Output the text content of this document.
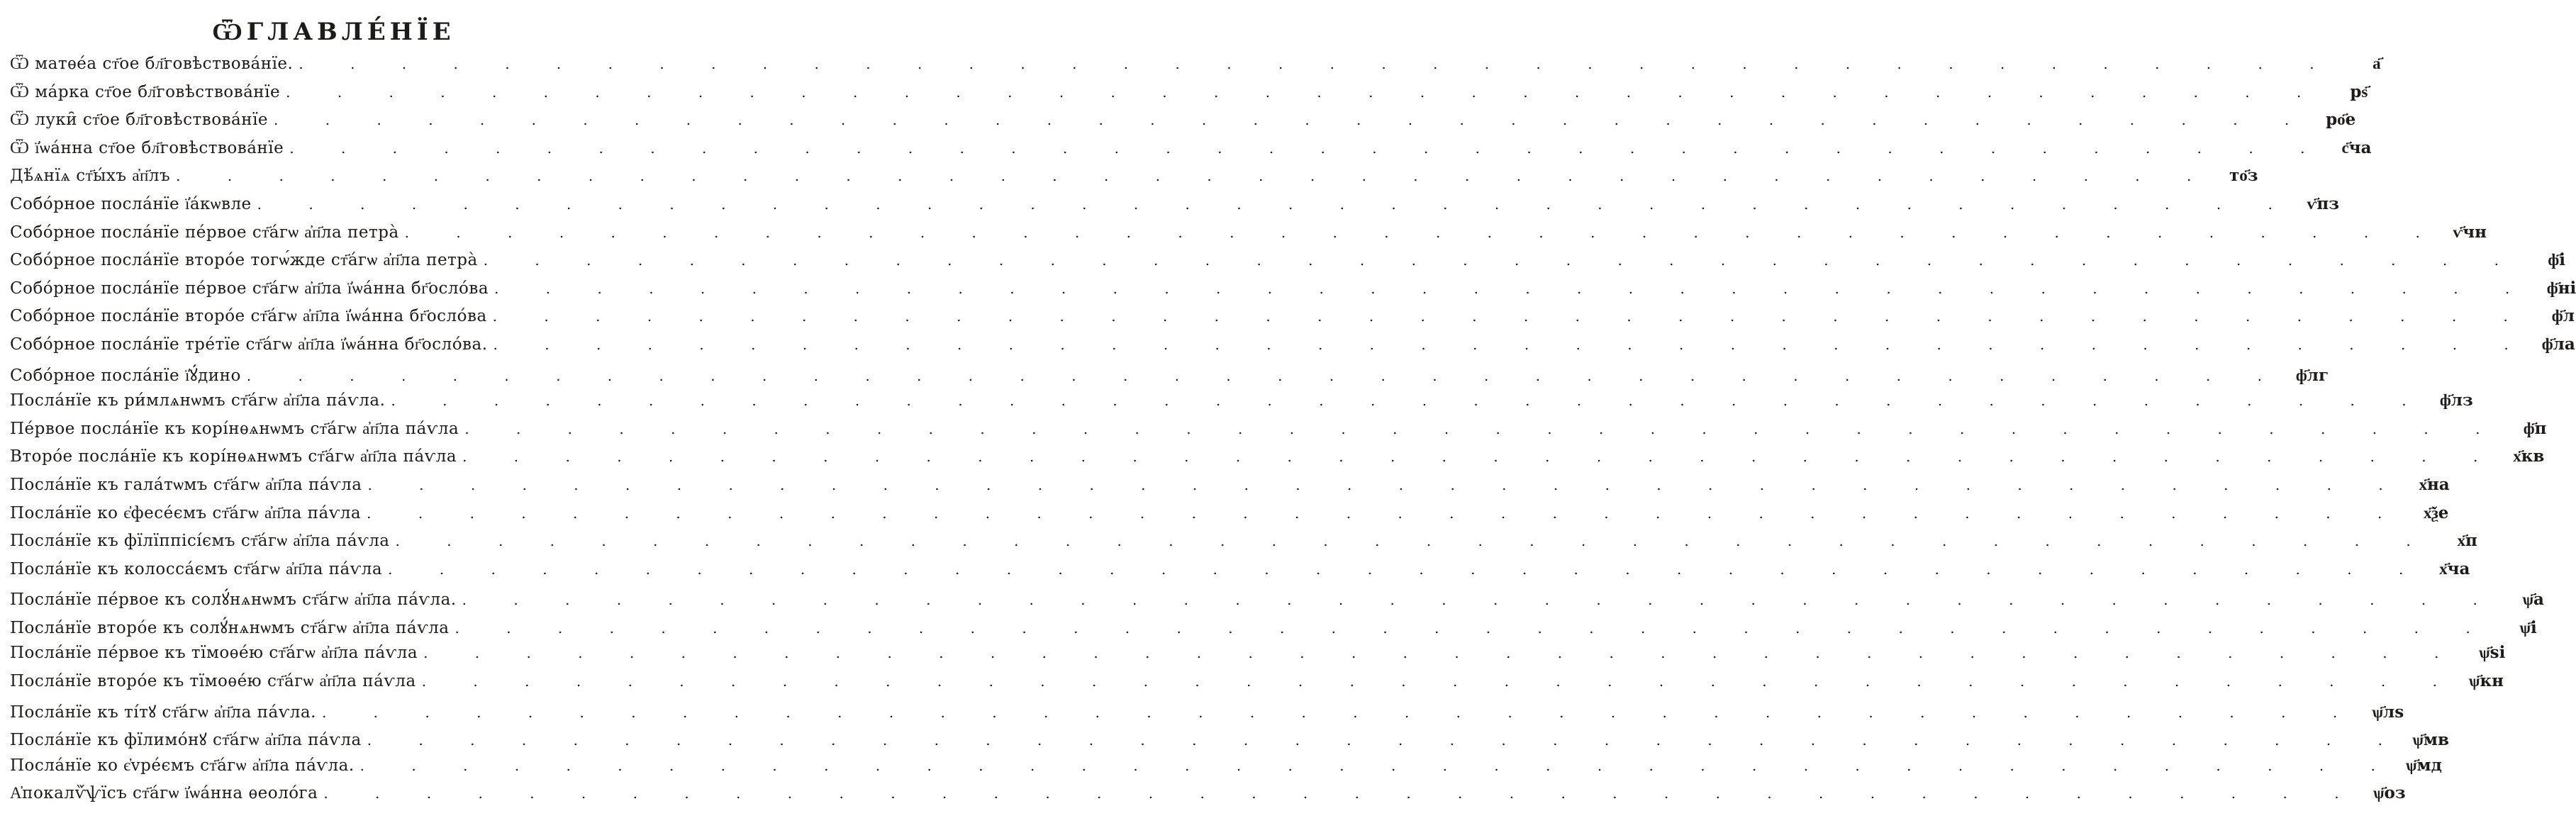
ѾГЛАВЛЕ́НЇЕ
Ѿ матѳе́а ст҃ое бл҃говѣствова́нїе. . . . . . . . . . . . . . . . . . . . . . . . . . . . . . . . . . . . . . . . .	а҃
Ѿ ма́рка ст҃ое бл҃говѣствова́нїе . . . . . . . . . . . . . . . . . . . . . . . . . . . . . . . . . . . . . . . .	рѕ҃
Ѿ луки̑ ст҃ое бл҃говѣствова́нїе . . . . . . . . . . . . . . . . . . . . . . . . . . . . . . . . . . . . . . . . ро҃е
Ѿ ї҆ѡа́нна ст҃ое бл҃говѣствова́нїе . . . . . . . . . . . . . . . . . . . . . . . . . . . . . . . . . . . . . . . . с҃ча
Дѣ́ѧнїѧ ст҃ы́хъ а҆п҃лъ . . . . . . . . . . . . . . . . . . . . . . . . . . . . . . . . . . . . . . . .	то҃з
Собо́рное посла́нїе ї҆а́кѡвле . . . . . . . . . . . . . . . . . . . . . . . . . . . . . . . . . . . . . . . . ѵ҃пз
Собо́рное посла́нїе пе́рвое ст҃а́гѡ а҆п҃ла петра̀ . . . . . . . . . . . . . . . . . . . . . . . . . . . . . . . . . . . . . . . . ѵ҃чн
Собо́рное посла́нїе второ́е тогѡ́жде ст҃а́гѡ а҆п҃ла петра̀ . . . . . . . . . . . . . . . . . . . . . . . . . . . . . . . . . . . . . . . .	ф҃і
Собо́рное посла́нїе пе́рвое ст҃а́гѡ а҆п҃ла ї҆ѡа́нна бг҃осло́ва . . . . . . . . . . . . . . . . . . . . . . . . . . . . . . . . . . . . . . . . ф҃ні
Собо́рное посла́нїе второ́е ст҃а́гѡ а҆п҃ла ї҆ѡа́нна бг҃осло́ва . . . . . . . . . . . . . . . . . . . . . . . . . . . . . . . . . . . . . . . .	ф҃л
Собо́рное посла́нїе тре́тїе ст҃а́гѡ а҆п҃ла ї҆ѡа́нна бг҃осло́ва. . . . . . . . . . . . . . . . . . . . . . . . . . . . . . . . . . . . . . . . . ф҃ла
Собо́рное посла́нїе ї҆ꙋ́дино . . . . . . . . . . . . . . . . . . . . . . . . . . . . . . . . . . . . . . . . ф҃лг
Посла́нїе къ ри́млѧнѡмъ ст҃а́гѡ а҆п҃ла па́ѵла. . . . . . . . . . . . . . . . . . . . . . . . . . . . . . . . . . . . . . . . . ф҃лз
Пе́рвое посла́нїе къ корі́нѳѧнѡмъ ст҃а́гѡ а҆п҃ла па́ѵла . . . . . . . . . . . . . . . . . . . . . . . . . . . . . . . . . . . . . . . .	ф҃п
Второ́е посла́нїе къ корі́нѳѧнѡмъ ст҃а́гѡ а҆п҃ла па́ѵла . . . . . . . . . . . . . . . . . . . . . . . . . . . . . . . . . . . . . . . . х҃кв
Посла́нїе къ гала́тѡмъ ст҃а́гѡ а҆п҃ла па́ѵла . . . . . . . . . . . . . . . . . . . . . . . . . . . . . . . . . . . . . . . . х҃на
Посла́нїе ко є҆фесе́ємъ ст҃а́гѡ а҆п҃ла па́ѵла . . . . . . . . . . . . . . . . . . . . . . . . . . . . . . . . . . . . . . . .	х҃ѯе
Посла́нїе къ фїлїппісі́ємъ ст҃а́гѡ а҆п҃ла па́ѵла . . . . . . . . . . . . . . . . . . . . . . . . . . . . . . . . . . . . . . . .	х҃п
Посла́нїе къ колосса́ємъ ст҃а́гѡ а҆п҃ла па́ѵла . . . . . . . . . . . . . . . . . . . . . . . . . . . . . . . . . . . . . . . . х҃ча
Посла́нїе пе́рвое къ солꙋ́нѧнѡмъ ст҃а́гѡ а҆п҃ла па́ѵла. . . . . . . . . . . . . . . . . . . . . . . . . . . . . . . . . . . . . . . . .	ѱ҃а
Посла́нїе второ́е къ солꙋ́нѧнѡмъ ст҃а́гѡ а҆п҃ла па́ѵла . . . . . . . . . . . . . . . . . . . . . . . . . . . . . . . . . . . . . . . .	ѱ҃і
Посла́нїе пе́рвое къ тїмоѳе́ю ст҃а́гѡ а҆п҃ла па́ѵла . . . . . . . . . . . . . . . . . . . . . . . . . . . . . . . . . . . . . . . .	ѱ҃ѕі
Посла́нїе второ́е къ тїмоѳе́ю ст҃а́гѡ а҆п҃ла па́ѵла . . . . . . . . . . . . . . . . . . . . . . . . . . . . . . . . . . . . . . . . ѱ҃кн
Посла́нїе къ ті́тꙋ ст҃а́гѡ а҆п҃ла па́ѵла. . . . . . . . . . . . . . . . . . . . . . . . . . . . . . . . . . . . . . . . . ѱ҃лѕ
Посла́нїе къ фїлимо́нꙋ ст҃а́гѡ а҆п҃ла па́ѵла . . . . . . . . . . . . . . . . . . . . . . . . . . . . . . . . . . . . . . . . ѱ҃мв
Посла́нїе ко є҆vре́ємъ ст҃а́гѡ а҆п҃ла па́ѵла. . . . . . . . . . . . . . . . . . . . . . . . . . . . . . . . . . . . . . . . . ѱ҃мд
А҆покалѷ́ѱїсъ ст҃а́гѡ ї҆ѡа́нна ѳеоло́га . . . . . . . . . . . . . . . . . . . . . . . . . . . . . . . . . . . . . . . . ѱ҃оз
